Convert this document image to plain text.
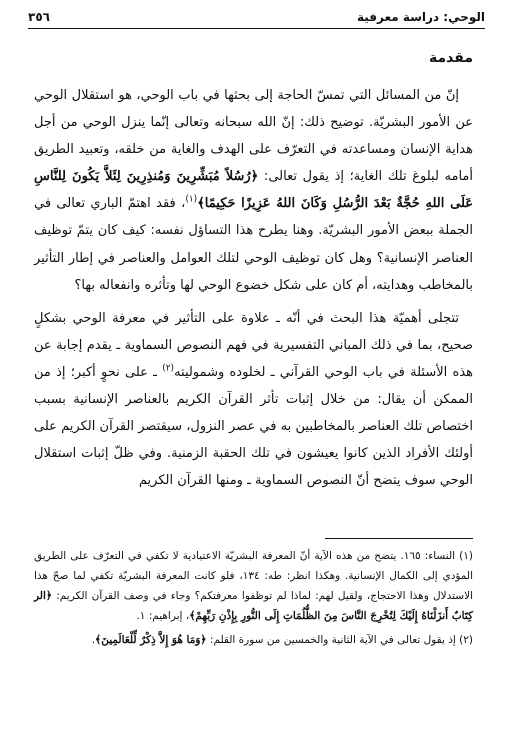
الوحي: دراسة معرفية
٣٥٦
مقدمة

إنّ من المسائل التي تمسّ الحاجة إلى بحثها في باب الوحي، هو استقلال الوحي عن الأمور البشريّة. توضيح ذلك: إنّ الله سبحانه وتعالى إنّما ينزل الوحي من أجل هداية الإنسان ومساعدته في التعرّف على الهدف والغاية من خلقه، وتعبيد الطريق أمامه لبلوغ تلك الغاية؛ إذ يقول تعالى: ﴿رُسُلاً مُبَشِّرِينَ وَمُنذِرِينَ لِئَلاَّ يَكُونَ لِلنَّاسِ عَلَى اللهِ حُجَّةٌ بَعْدَ الرُّسُلِ وَكَانَ اللهُ عَزِيزًا حَكِيمًا﴾$^{(١)}$، فقد اهتمّ الباري تعالى في الجملة ببعض الأمور البشريّة. وهنا يطرح هذا التساؤل نفسه: كيف كان يتمّ توظيف العناصر الإنسانية؟ وهل كان توظيف الوحي لتلك العوامل والعناصر في إطار التأثير بالمخاطب وهدايته، أم كان على شكل خضوع الوحي لها وتأثره وانفعاله بها؟

تتجلى أهميّة هذا البحث في أنّه ـ علاوة على التأثير في معرفة الوحي بشكلٍ صحيح، بما في ذلك المباني التفسيرية في فهم النصوص السماوية ـ يقدم إجابة عن هذه الأسئلة في باب الوحي القرآني ـ لخلوده وشموليته$^{(٢)}$ ـ على نحوٍ أكبر؛ إذ من الممكن أن يقال: من خلال إثبات تأثر القرآن الكريم بالعناصر الإنسانية بسبب اختصاص تلك العناصر بالمخاطبين به في عصر النزول، سيقتصر القرآن الكريم على أولئك الأفراد الذين كانوا يعيشون في تلك الحقبة الزمنية. وفي ظلّ إثبات استقلال الوحي سوف يتضح أنّ النصوص السماوية ـ ومنها القرآن الكريم

(١) النساء: ١٦٥. يتضح من هذه الآية أنّ المعرفة البشريّة الاعتيادية لا تكفي في التعرّف على الطريق المؤدي إلى الكمال الإنسانية. وهكذا انظر: طه: ١٣٤، فلو كانت المعرفة البشريّة تكفي لما صحّ هذا الاستدلال وهذا الاحتجاج، ولقيل لهم: لماذا لم توظفوا معرفتكم؟ وجاء في وصف القرآن الكريم: ﴿الر كِتَابٌ أَنزَلْنَاهُ إِلَيْكَ لِتُخْرِجَ النَّاسَ مِنَ الظُّلُمَاتِ إِلَى النُّورِ بِإِذْنِ رَبِّهِمْ﴾، إبراهيم: ١.

(٢) إذ يقول تعالى في الآية الثانية والخمسين من سورة القلم: ﴿وَمَا هُوَ إِلاَّ ذِكْرٌ لِّلْعَالَمِينَ﴾.
